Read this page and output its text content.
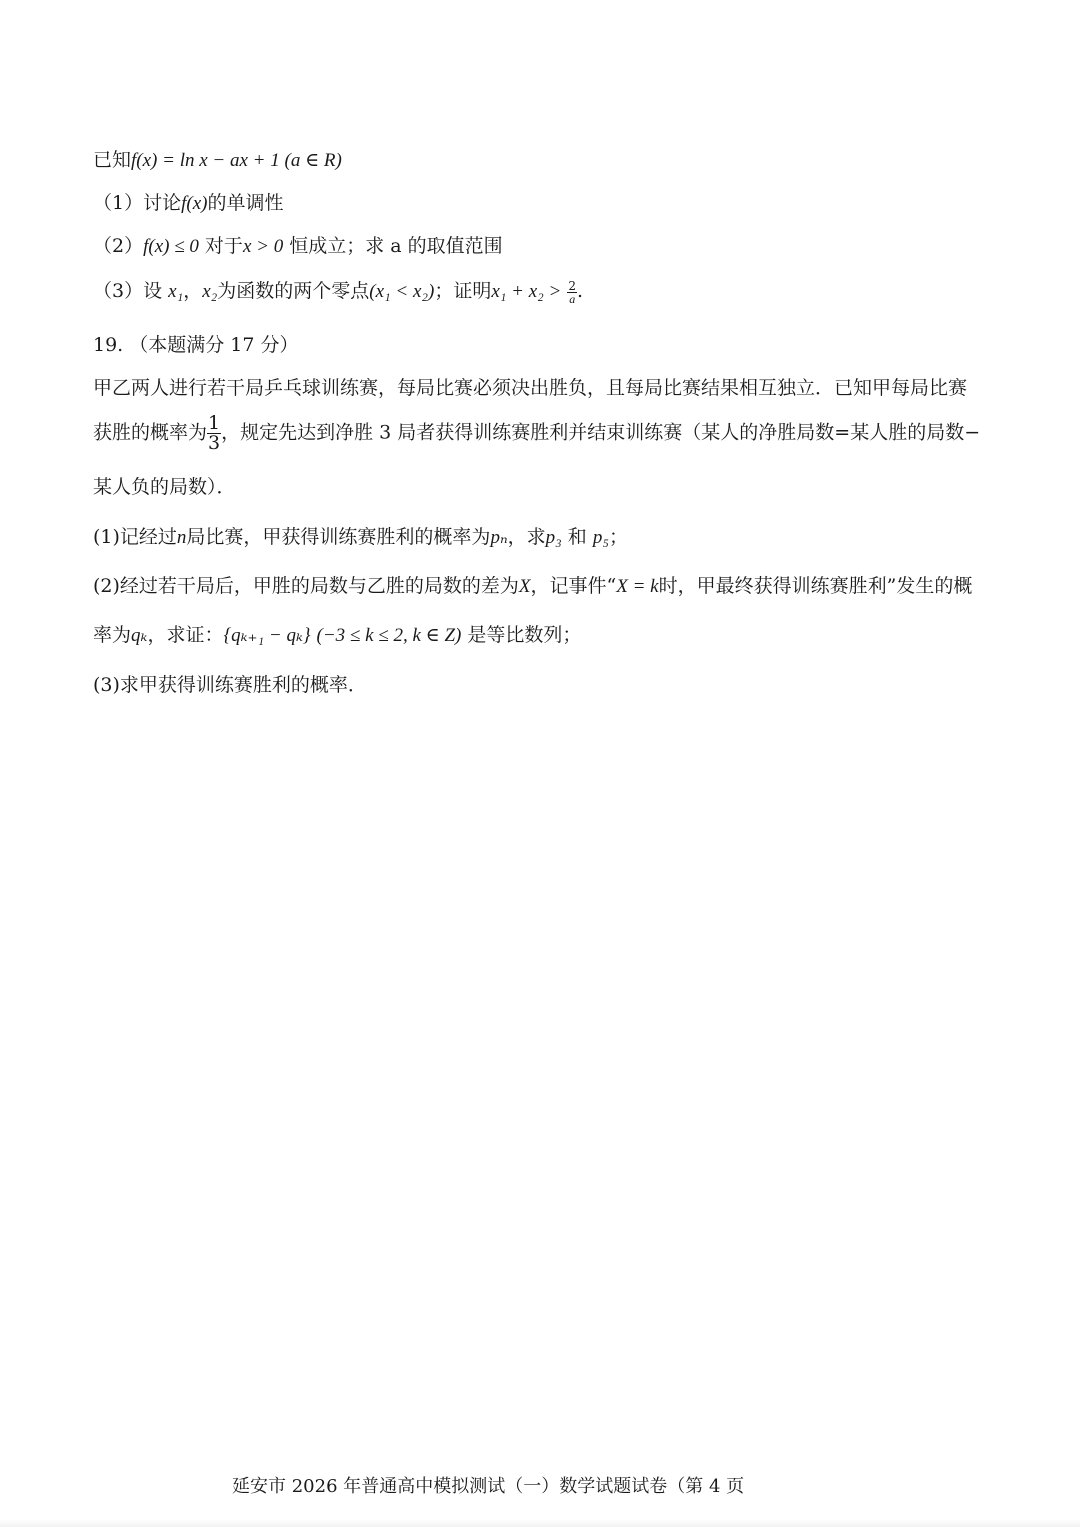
已知f(x) = ln x − ax + 1 (a ∈ R)
（1）讨论f(x)的单调性
（2）f(x) ≤ 0 对于x > 0 恒成立；求 a 的取值范围
（3）设 x₁，x₂为函数的两个零点(x₁ < x₂)；证明$x_1 + x_2 > \frac{2}{a}$ .
19. （本题满分 17 分）
甲乙两人进行若干局乒乓球训练赛，每局比赛必须决出胜负，且每局比赛结果相互独立．已知甲每局比赛
获胜的概率为 $\frac{1}{3}$ ，规定先达到净胜 3 局者获得训练赛胜利并结束训练赛（某人的净胜局数=某人胜的局数−
某人负的局数）．
(1)记经过n局比赛，甲获得训练赛胜利的概率为pₙ，求p₃ 和 p₅；
(2)经过若干局后，甲胜的局数与乙胜的局数的差为X，记事件“X = k时，甲最终获得训练赛胜利”发生的概
率为qₖ，求证：{qₖ₊₁ − qₖ} (−3 ≤ k ≤ 2, k ∈ Z) 是等比数列；
(3)求甲获得训练赛胜利的概率．
延安市 2026 年普通高中模拟测试（一）数学试题试卷（第 4 页
